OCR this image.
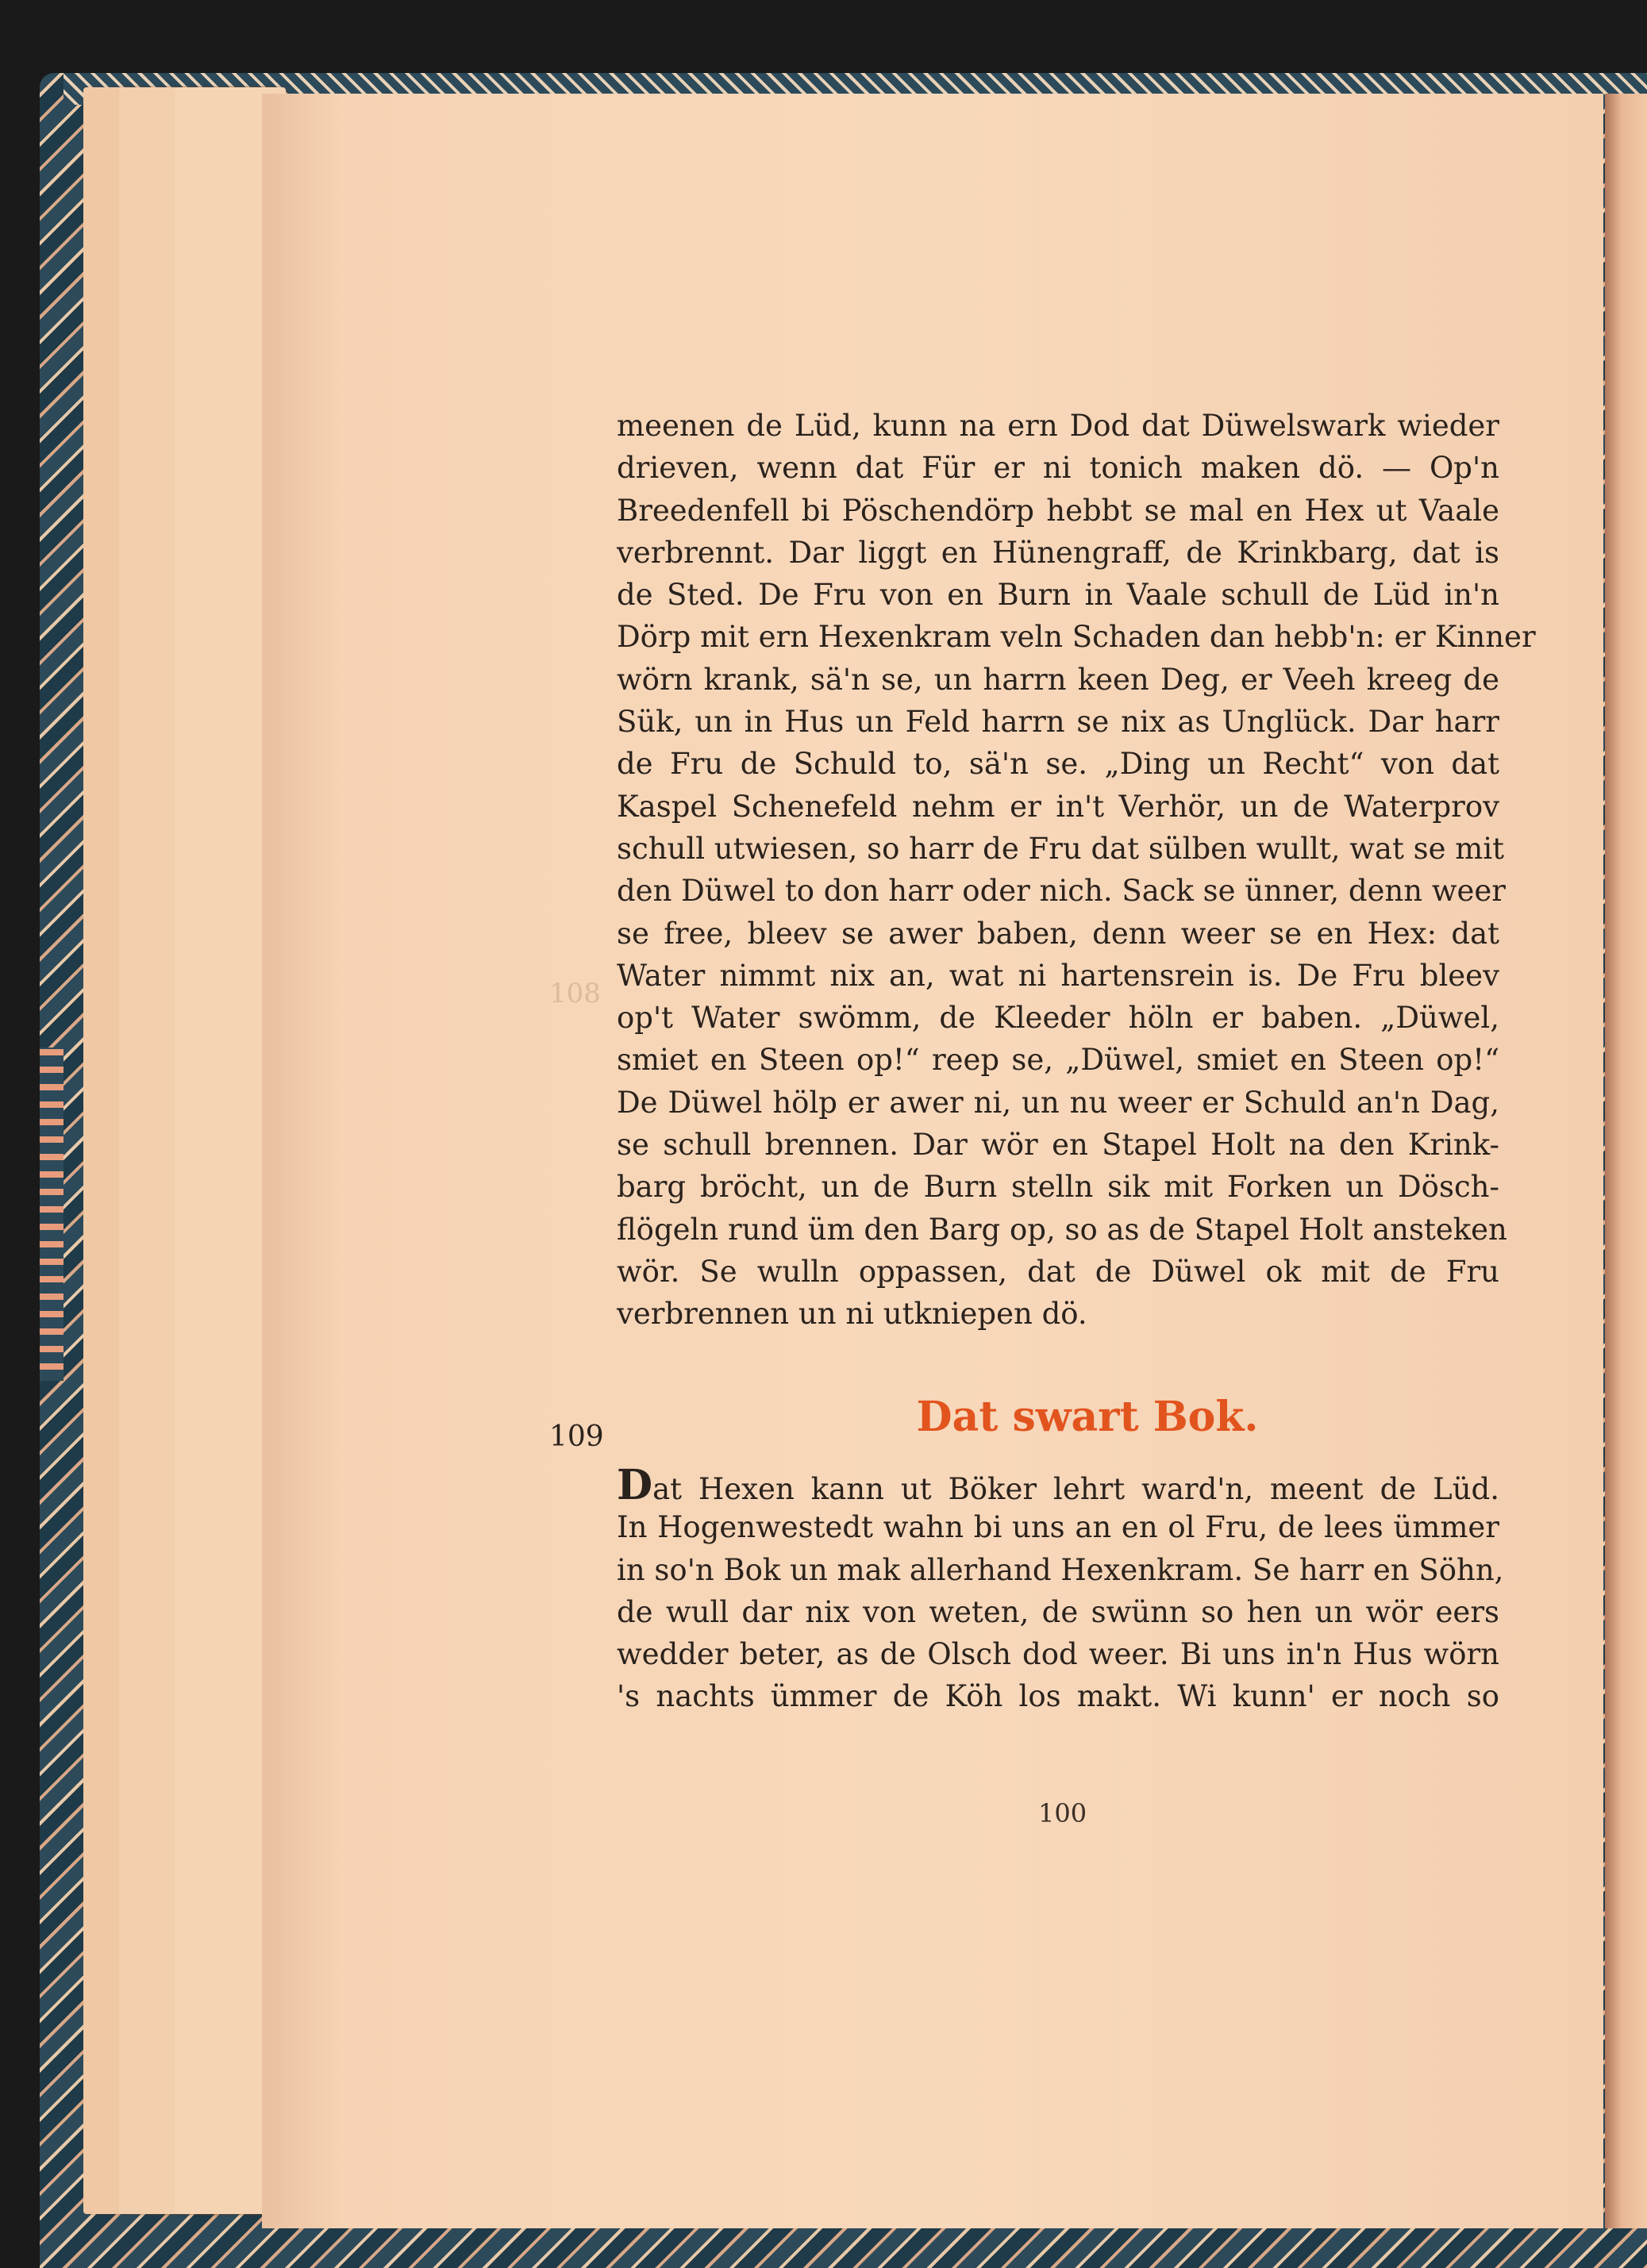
108
meenen de Lüd, kunn na ern Dod dat Düwelswark wieder
drieven, wenn dat Für er ni tonich maken dö. — Op'n
Breedenfell bi Pöschendörp hebbt se mal en Hex ut Vaale
verbrennt. Dar liggt en Hünengraff, de Krinkbarg, dat is
de Sted. De Fru von en Burn in Vaale schull de Lüd in'n
Dörp mit ern Hexenkram veln Schaden dan hebb'n: er Kinner
wörn krank, sä'n se, un harrn keen Deg, er Veeh kreeg de
Sük, un in Hus un Feld harrn se nix as Unglück. Dar harr
de Fru de Schuld to, sä'n se. „Ding un Recht“ von dat
Kaspel Schenefeld nehm er in't Verhör, un de Waterprov
schull utwiesen, so harr de Fru dat sülben wullt, wat se mit
den Düwel to don harr oder nich. Sack se ünner, denn weer
se free, bleev se awer baben, denn weer se en Hex: dat
Water nimmt nix an, wat ni hartensrein is. De Fru bleev
op't Water swömm, de Kleeder höln er baben. „Düwel,
smiet en Steen op!“ reep se, „Düwel, smiet en Steen op!“
De Düwel hölp er awer ni, un nu weer er Schuld an'n Dag,
se schull brennen. Dar wör en Stapel Holt na den Krink-
barg bröcht, un de Burn stelln sik mit Forken un Dösch-
flögeln rund üm den Barg op, so as de Stapel Holt ansteken
wör. Se wulln oppassen, dat de Düwel ok mit de Fru
verbrennen un ni utkniepen dö.
109	Dat swart Bok.
Dat Hexen kann ut Böker lehrt ward'n, meent de Lüd.
In Hogenwestedt wahn bi uns an en ol Fru, de lees ümmer
in so'n Bok un mak allerhand Hexenkram. Se harr en Söhn,
de wull dar nix von weten, de swünn so hen un wör eers
wedder beter, as de Olsch dod weer. Bi uns in'n Hus wörn
's nachts ümmer de Köh los makt. Wi kunn' er noch so
100
